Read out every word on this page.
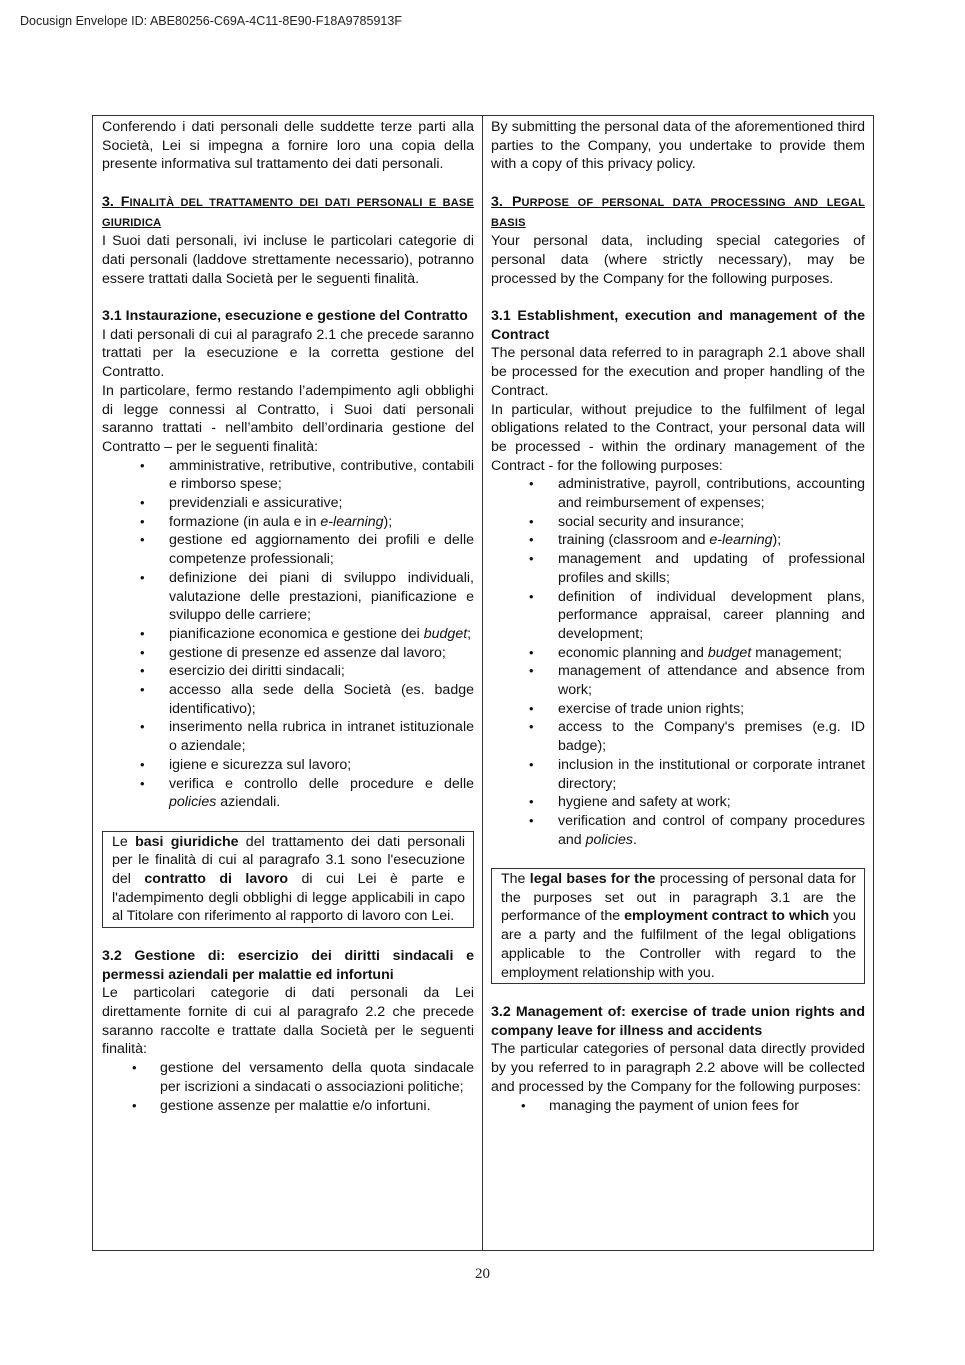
Docusign Envelope ID: ABE80256-C69A-4C11-8E90-F18A9785913F

Conferendo i dati personali delle suddette terze parti alla Società, Lei si impegna a fornire loro una copia della presente informativa sul trattamento dei dati personali.

3. FINALITÀ DEL TRATTAMENTO DEI DATI PERSONALI E BASE GIURIDICA

I Suoi dati personali, ivi incluse le particolari categorie di dati personali (laddove strettamente necessario), potranno essere trattati dalla Società per le seguenti finalità.

3.1 Instaurazione, esecuzione e gestione del Contratto

I dati personali di cui al paragrafo 2.1 che precede saranno trattati per la esecuzione e la corretta gestione del Contratto.

In particolare, fermo restando l’adempimento agli obblighi di legge connessi al Contratto, i Suoi dati personali saranno trattati - nell’ambito dell’ordinaria gestione del Contratto – per le seguenti finalità:

• amministrative, retributive, contributive, contabili e rimborso spese;
• previdenziali e assicurative;
• formazione (in aula e in e-learning);
• gestione ed aggiornamento dei profili e delle competenze professionali;
• definizione dei piani di sviluppo individuali, valutazione delle prestazioni, pianificazione e sviluppo delle carriere;
• pianificazione economica e gestione dei budget;
• gestione di presenze ed assenze dal lavoro;
• esercizio dei diritti sindacali;
• accesso alla sede della Società (es. badge identificativo);
• inserimento nella rubrica in intranet istituzionale o aziendale;
• igiene e sicurezza sul lavoro;
• verifica e controllo delle procedure e delle policies aziendali.

Le basi giuridiche del trattamento dei dati personali per le finalità di cui al paragrafo 3.1 sono l'esecuzione del contratto di lavoro di cui Lei è parte e l'adempimento degli obblighi di legge applicabili in capo al Titolare con riferimento al rapporto di lavoro con Lei.

3.2 Gestione di: esercizio dei diritti sindacali e permessi aziendali per malattie ed infortuni

Le particolari categorie di dati personali da Lei direttamente fornite di cui al paragrafo 2.2 che precede saranno raccolte e trattate dalla Società per le seguenti finalità:

• gestione del versamento della quota sindacale per iscrizioni a sindacati o associazioni politiche;
• gestione assenze per malattie e/o infortuni.

By submitting the personal data of the aforementioned third parties to the Company, you undertake to provide them with a copy of this privacy policy.

3. PURPOSE OF PERSONAL DATA PROCESSING AND LEGAL BASIS

Your personal data, including special categories of personal data (where strictly necessary), may be processed by the Company for the following purposes.

3.1 Establishment, execution and management of the Contract

The personal data referred to in paragraph 2.1 above shall be processed for the execution and proper handling of the Contract.

In particular, without prejudice to the fulfilment of legal obligations related to the Contract, your personal data will be processed - within the ordinary management of the Contract - for the following purposes:

• administrative, payroll, contributions, accounting and reimbursement of expenses;
• social security and insurance;
• training (classroom and e-learning);
• management and updating of professional profiles and skills;
• definition of individual development plans, performance appraisal, career planning and development;
• economic planning and budget management;
• management of attendance and absence from work;
• exercise of trade union rights;
• access to the Company's premises (e.g. ID badge);
• inclusion in the institutional or corporate intranet directory;
• hygiene and safety at work;
• verification and control of company procedures and policies.

The legal bases for the processing of personal data for the purposes set out in paragraph 3.1 are the performance of the employment contract to which you are a party and the fulfilment of the legal obligations applicable to the Controller with regard to the employment relationship with you.

3.2 Management of: exercise of trade union rights and company leave for illness and accidents

The particular categories of personal data directly provided by you referred to in paragraph 2.2 above will be collected and processed by the Company for the following purposes:

• managing the payment of union fees for
20
